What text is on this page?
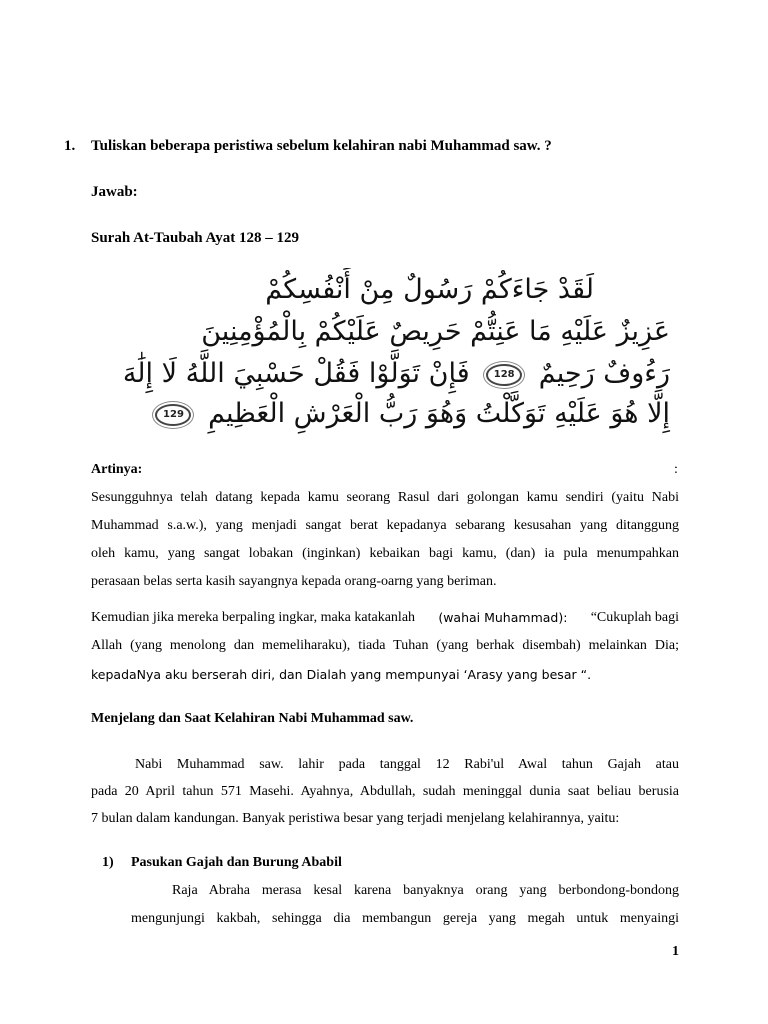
1. Tuliskan beberapa peristiwa sebelum kelahiran nabi Muhammad saw. ?
Jawab:
Surah At-Taubah Ayat 128 – 129
لَقَدْ جَاءَكُمْ رَسُولٌ مِنْ أَنْفُسِكُمْ
عَزِيزٌ عَلَيْهِ مَا عَنِتُّمْ حَرِيصٌ عَلَيْكُمْ بِالْمُؤْمِنِينَ
رَءُوفٌ رَحِيمٌ 128 فَإِنْ تَوَلَّوْا فَقُلْ حَسْبِيَ اللَّهُ لَا إِلَٰهَ
إِلَّا هُوَ عَلَيْهِ تَوَكَّلْتُ وَهُوَ رَبُّ الْعَرْشِ الْعَظِيمِ 129
Artinya:	:
Sesungguhnya telah datang kepada kamu seorang Rasul dari golongan kamu sendiri (yaitu Nabi
Muhammad s.a.w.), yang menjadi sangat berat kepadanya sebarang kesusahan yang ditanggung
oleh kamu, yang sangat lobakan (inginkan) kebaikan bagi kamu, (dan) ia pula menumpahkan
perasaan belas serta kasih sayangnya kepada orang-oarng yang beriman.
Kemudian jika mereka berpaling ingkar, maka katakanlah (wahai Muhammad): “Cukuplah bagi
Allah (yang menolong dan memeliharaku), tiada Tuhan (yang berhak disembah) melainkan Dia;
kepadaNya aku berserah diri, dan Dialah yang mempunyai ‘Arasy yang besar “.
Menjelang dan Saat Kelahiran Nabi Muhammad saw.
Nabi Muhammad saw. lahir pada tanggal 12 Rabi'ul Awal tahun Gajah atau
pada 20 April tahun 571 Masehi. Ayahnya, Abdullah, sudah meninggal dunia saat beliau berusia
7 bulan dalam kandungan. Banyak peristiwa besar yang terjadi menjelang kelahirannya, yaitu:
1) Pasukan Gajah dan Burung Ababil
Raja Abraha merasa kesal karena banyaknya orang yang berbondong-bondong
mengunjungi kakbah, sehingga dia membangun gereja yang megah untuk menyaingi
1
